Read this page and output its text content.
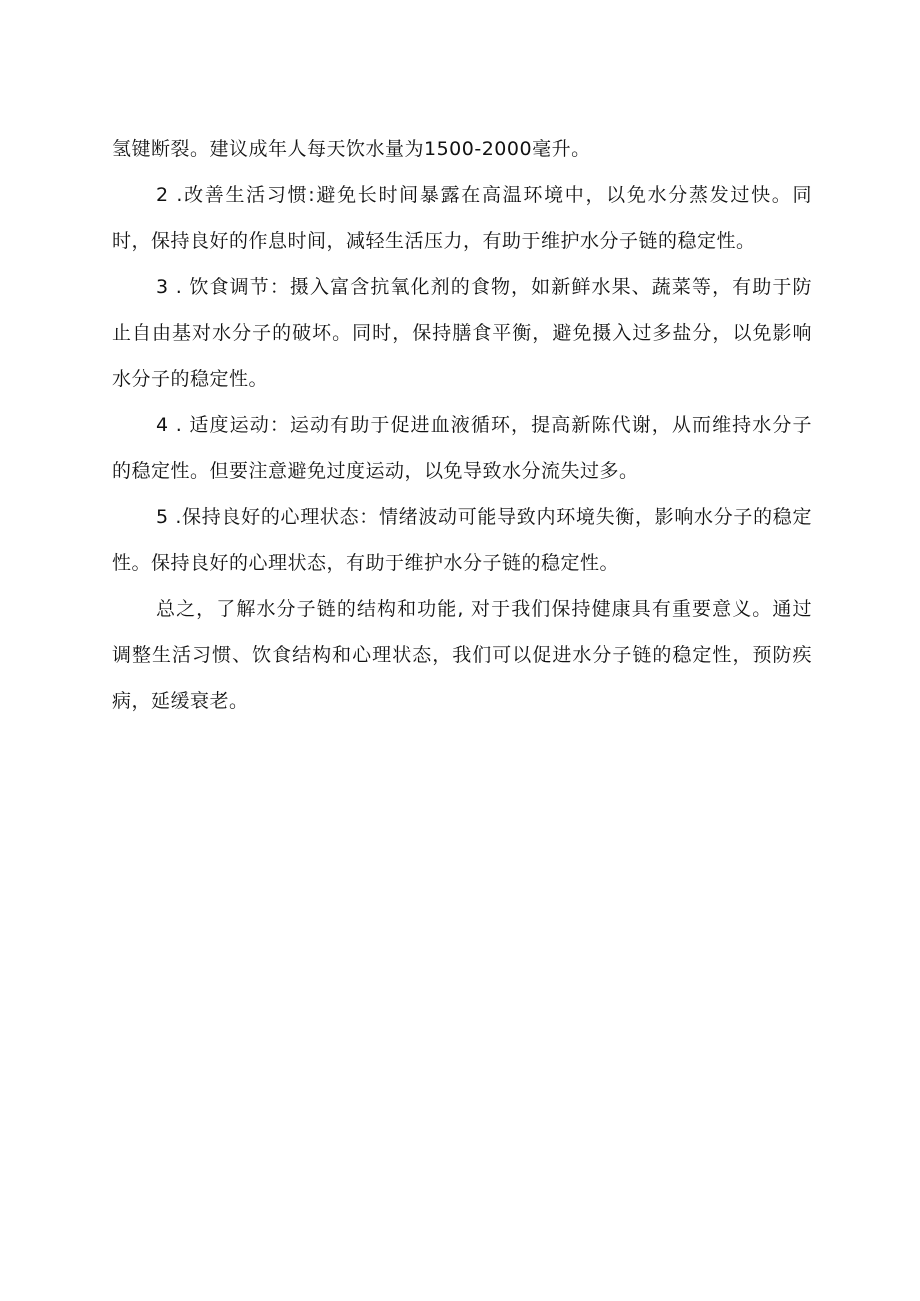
氢键断裂。建议成年人每天饮水量为1500-2000毫升。

2 .改善生活习惯:避免长时间暴露在高温环境中，以免水分蒸发过快。同时，保持良好的作息时间，减轻生活压力，有助于维护水分子链的稳定性。

3 . 饮食调节：摄入富含抗氧化剂的食物，如新鲜水果、蔬菜等，有助于防止自由基对水分子的破坏。同时，保持膳食平衡，避免摄入过多盐分，以免影响水分子的稳定性。

4 . 适度运动：运动有助于促进血液循环，提高新陈代谢，从而维持水分子的稳定性。但要注意避免过度运动，以免导致水分流失过多。

5 .保持良好的心理状态：情绪波动可能导致内环境失衡，影响水分子的稳定性。保持良好的心理状态，有助于维护水分子链的稳定性。

总之，了解水分子链的结构和功能, 对于我们保持健康具有重要意义。通过调整生活习惯、饮食结构和心理状态，我们可以促进水分子链的稳定性，预防疾病，延缓衰老。
